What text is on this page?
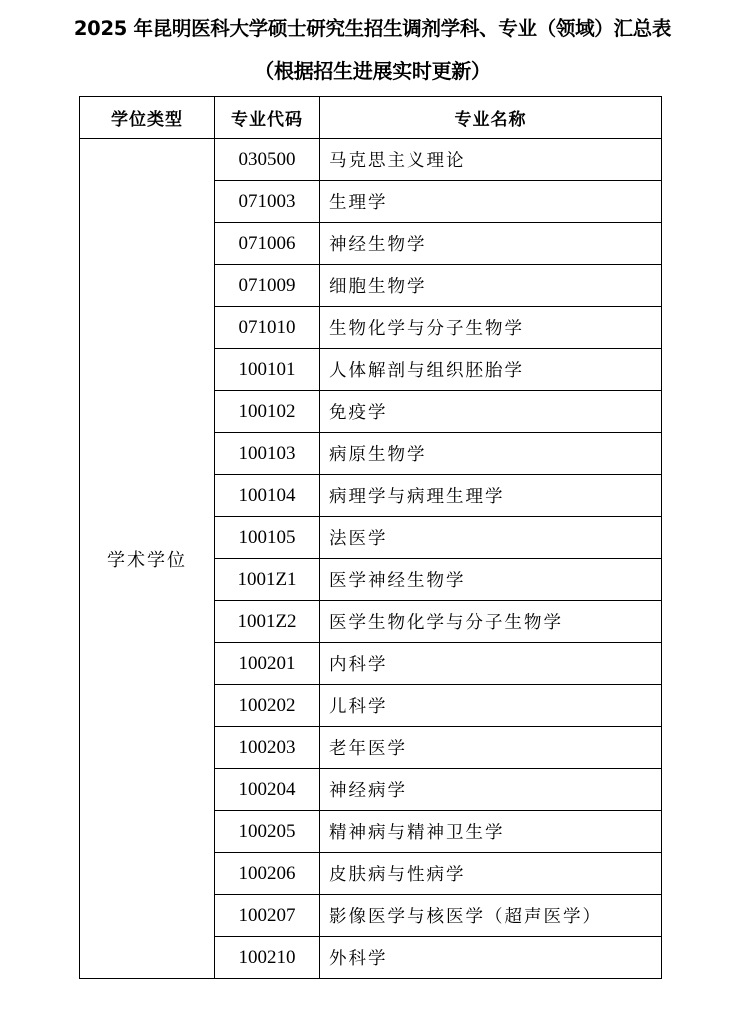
2025 年昆明医科大学硕士研究生招生调剂学科、专业（领域）汇总表
（根据招生进展实时更新）
学位类型	专业代码	专业名称
学术学位	030500	马克思主义理论
	071003	生理学
	071006	神经生物学
	071009	细胞生物学
	071010	生物化学与分子生物学
	100101	人体解剖与组织胚胎学
	100102	免疫学
	100103	病原生物学
	100104	病理学与病理生理学
	100105	法医学
	1001Z1	医学神经生物学
	1001Z2	医学生物化学与分子生物学
	100201	内科学
	100202	儿科学
	100203	老年医学
	100204	神经病学
	100205	精神病与精神卫生学
	100206	皮肤病与性病学
	100207	影像医学与核医学（超声医学）
	100210	外科学
